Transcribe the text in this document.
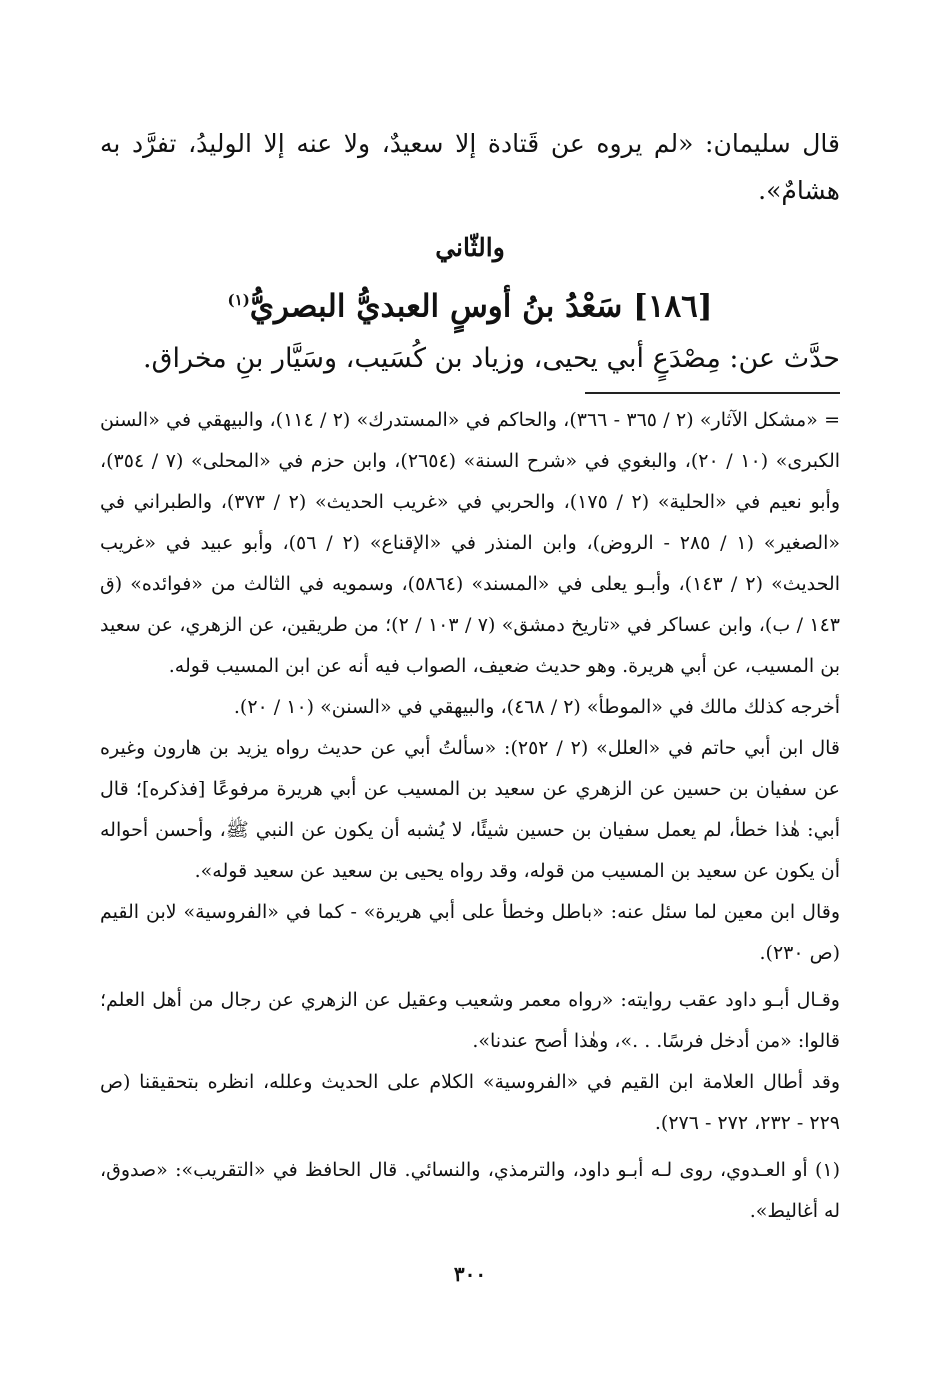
قال سليمان: «لم يروه عن قَتادة إلا سعيدٌ، ولا عنه إلا الوليدُ، تفرَّد به هشامٌ».

والثّاني
[١٨٦] سَعْدُ بنُ أوسٍ العبديُّ البصريُّ$^{(١)}$

حدَّث عن: مِصْدَعٍ أبي يحيى، وزياد بن كُسَيب، وسَيَّار بنِ مخراق.

= «مشكل الآثار» (٢ / ٣٦٥ - ٣٦٦)، والحاكم في «المستدرك» (٢ / ١١٤)، والبيهقي في «السنن الكبرى» (١٠ / ٢٠)، والبغوي في «شرح السنة» (٢٦٥٤)، وابن حزم في «المحلى» (٧ / ٣٥٤)، وأبو نعيم في «الحلية» (٢ / ١٧٥)، والحربي في «غريب الحديث» (٢ / ٣٧٣)، والطبراني في «الصغير» (١ / ٢٨٥ - الروض)، وابن المنذر في «الإقناع» (٢ / ٥٦)، وأبو عبيد في «غريب الحديث» (٢ / ١٤٣)، وأبـو يعلى في «المسند» (٥٨٦٤)، وسمويه في الثالث من «فوائده» (ق ١٤٣ / ب)، وابن عساكر في «تاريخ دمشق» (٧ / ١٠٣ / ٢)؛ من طريقين، عن الزهري، عن سعيد بن المسيب، عن أبي هريرة. وهو حديث ضعيف، الصواب فيه أنه عن ابن المسيب قوله.

أخرجه كذلك مالك في «الموطأ» (٢ / ٤٦٨)، والبيهقي في «السنن» (١٠ / ٢٠).

قال ابن أبي حاتم في «العلل» (٢ / ٢٥٢): «سألتُ أبي عن حديث رواه يزيد بن هارون وغيره عن سفيان بن حسين عن الزهري عن سعيد بن المسيب عن أبي هريرة مرفوعًا [فذكره]؛ قال أبي: هٰذا خطأ، لم يعمل سفيان بن حسين شيئًا، لا يُشبه أن يكون عن النبي ﷺ، وأحسن أحواله أن يكون عن سعيد بن المسيب من قوله، وقد رواه يحيى بن سعيد عن سعيد قوله».

وقال ابن معين لما سئل عنه: «باطل وخطأ على أبي هريرة» - كما في «الفروسية» لابن القيم (ص ٢٣٠).

وقـال أبـو داود عقب روايته: «رواه معمر وشعيب وعقيل عن الزهري عن رجال من أهل العلم؛ قالوا: «من أدخل فرسًا. . .»، وهٰذا أصح عندنا».

وقد أطال العلامة ابن القيم في «الفروسية» الكلام على الحديث وعلله، انظره بتحقيقنا (ص ٢٢٩ - ٢٣٢، ٢٧٢ - ٢٧٦).

(١) أو العـدوي، روى لـه أبـو داود، والترمذي، والنسائي. قال الحافظ في «التقريب»: «صدوق، له أغاليط».

٣٠٠
